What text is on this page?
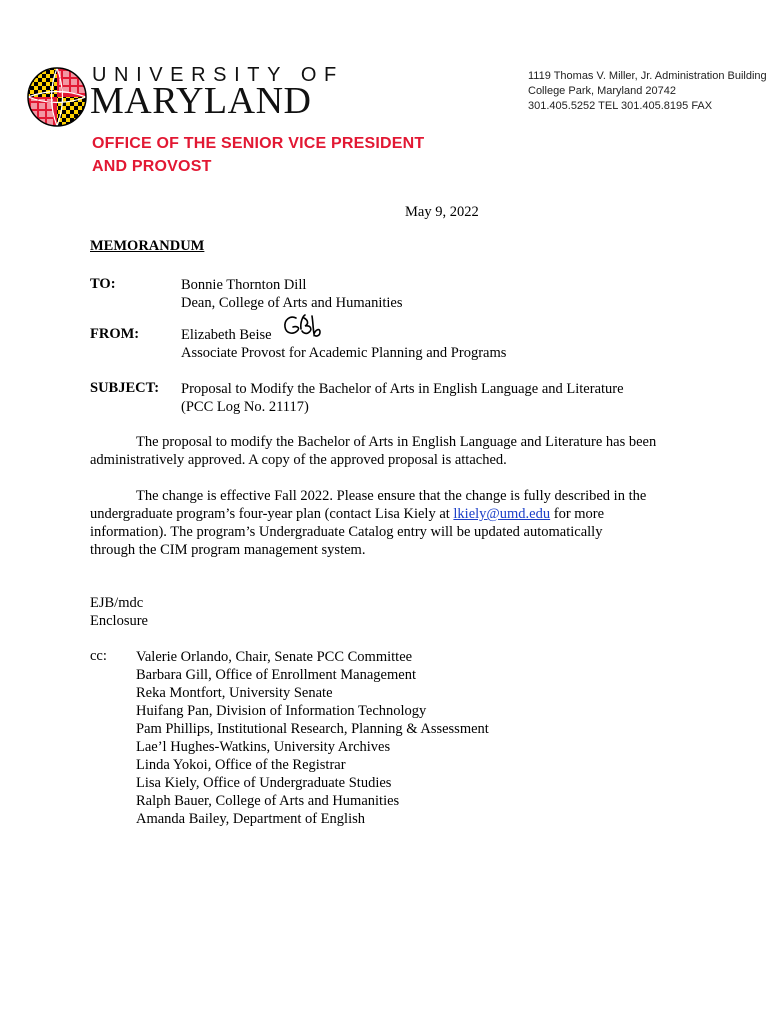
UNIVERSITY OF
MARYLAND
OFFICE OF THE SENIOR VICE PRESIDENT
AND PROVOST
1119 Thomas V. Miller, Jr. Administration Building
College Park, Maryland 20742
301.405.5252 TEL 301.405.8195 FAX
May 9, 2022
MEMORANDUM
TO:	Bonnie Thornton Dill
Dean, College of Arts and Humanities
FROM:	Elizabeth Beise
Associate Provost for Academic Planning and Programs
SUBJECT: Proposal to Modify the Bachelor of Arts in English Language and Literature
(PCC Log No. 21117)
The proposal to modify the Bachelor of Arts in English Language and Literature has been
administratively approved. A copy of the approved proposal is attached.
The change is effective Fall 2022. Please ensure that the change is fully described in the
undergraduate program’s four-year plan (contact Lisa Kiely at lkiely@umd.edu for more
information). The program’s Undergraduate Catalog entry will be updated automatically
through the CIM program management system.
EJB/mdc
Enclosure
cc: Valerie Orlando, Chair, Senate PCC Committee
Barbara Gill, Office of Enrollment Management
Reka Montfort, University Senate
Huifang Pan, Division of Information Technology
Pam Phillips, Institutional Research, Planning & Assessment
Lae’l Hughes-Watkins, University Archives
Linda Yokoi, Office of the Registrar
Lisa Kiely, Office of Undergraduate Studies
Ralph Bauer, College of Arts and Humanities
Amanda Bailey, Department of English
